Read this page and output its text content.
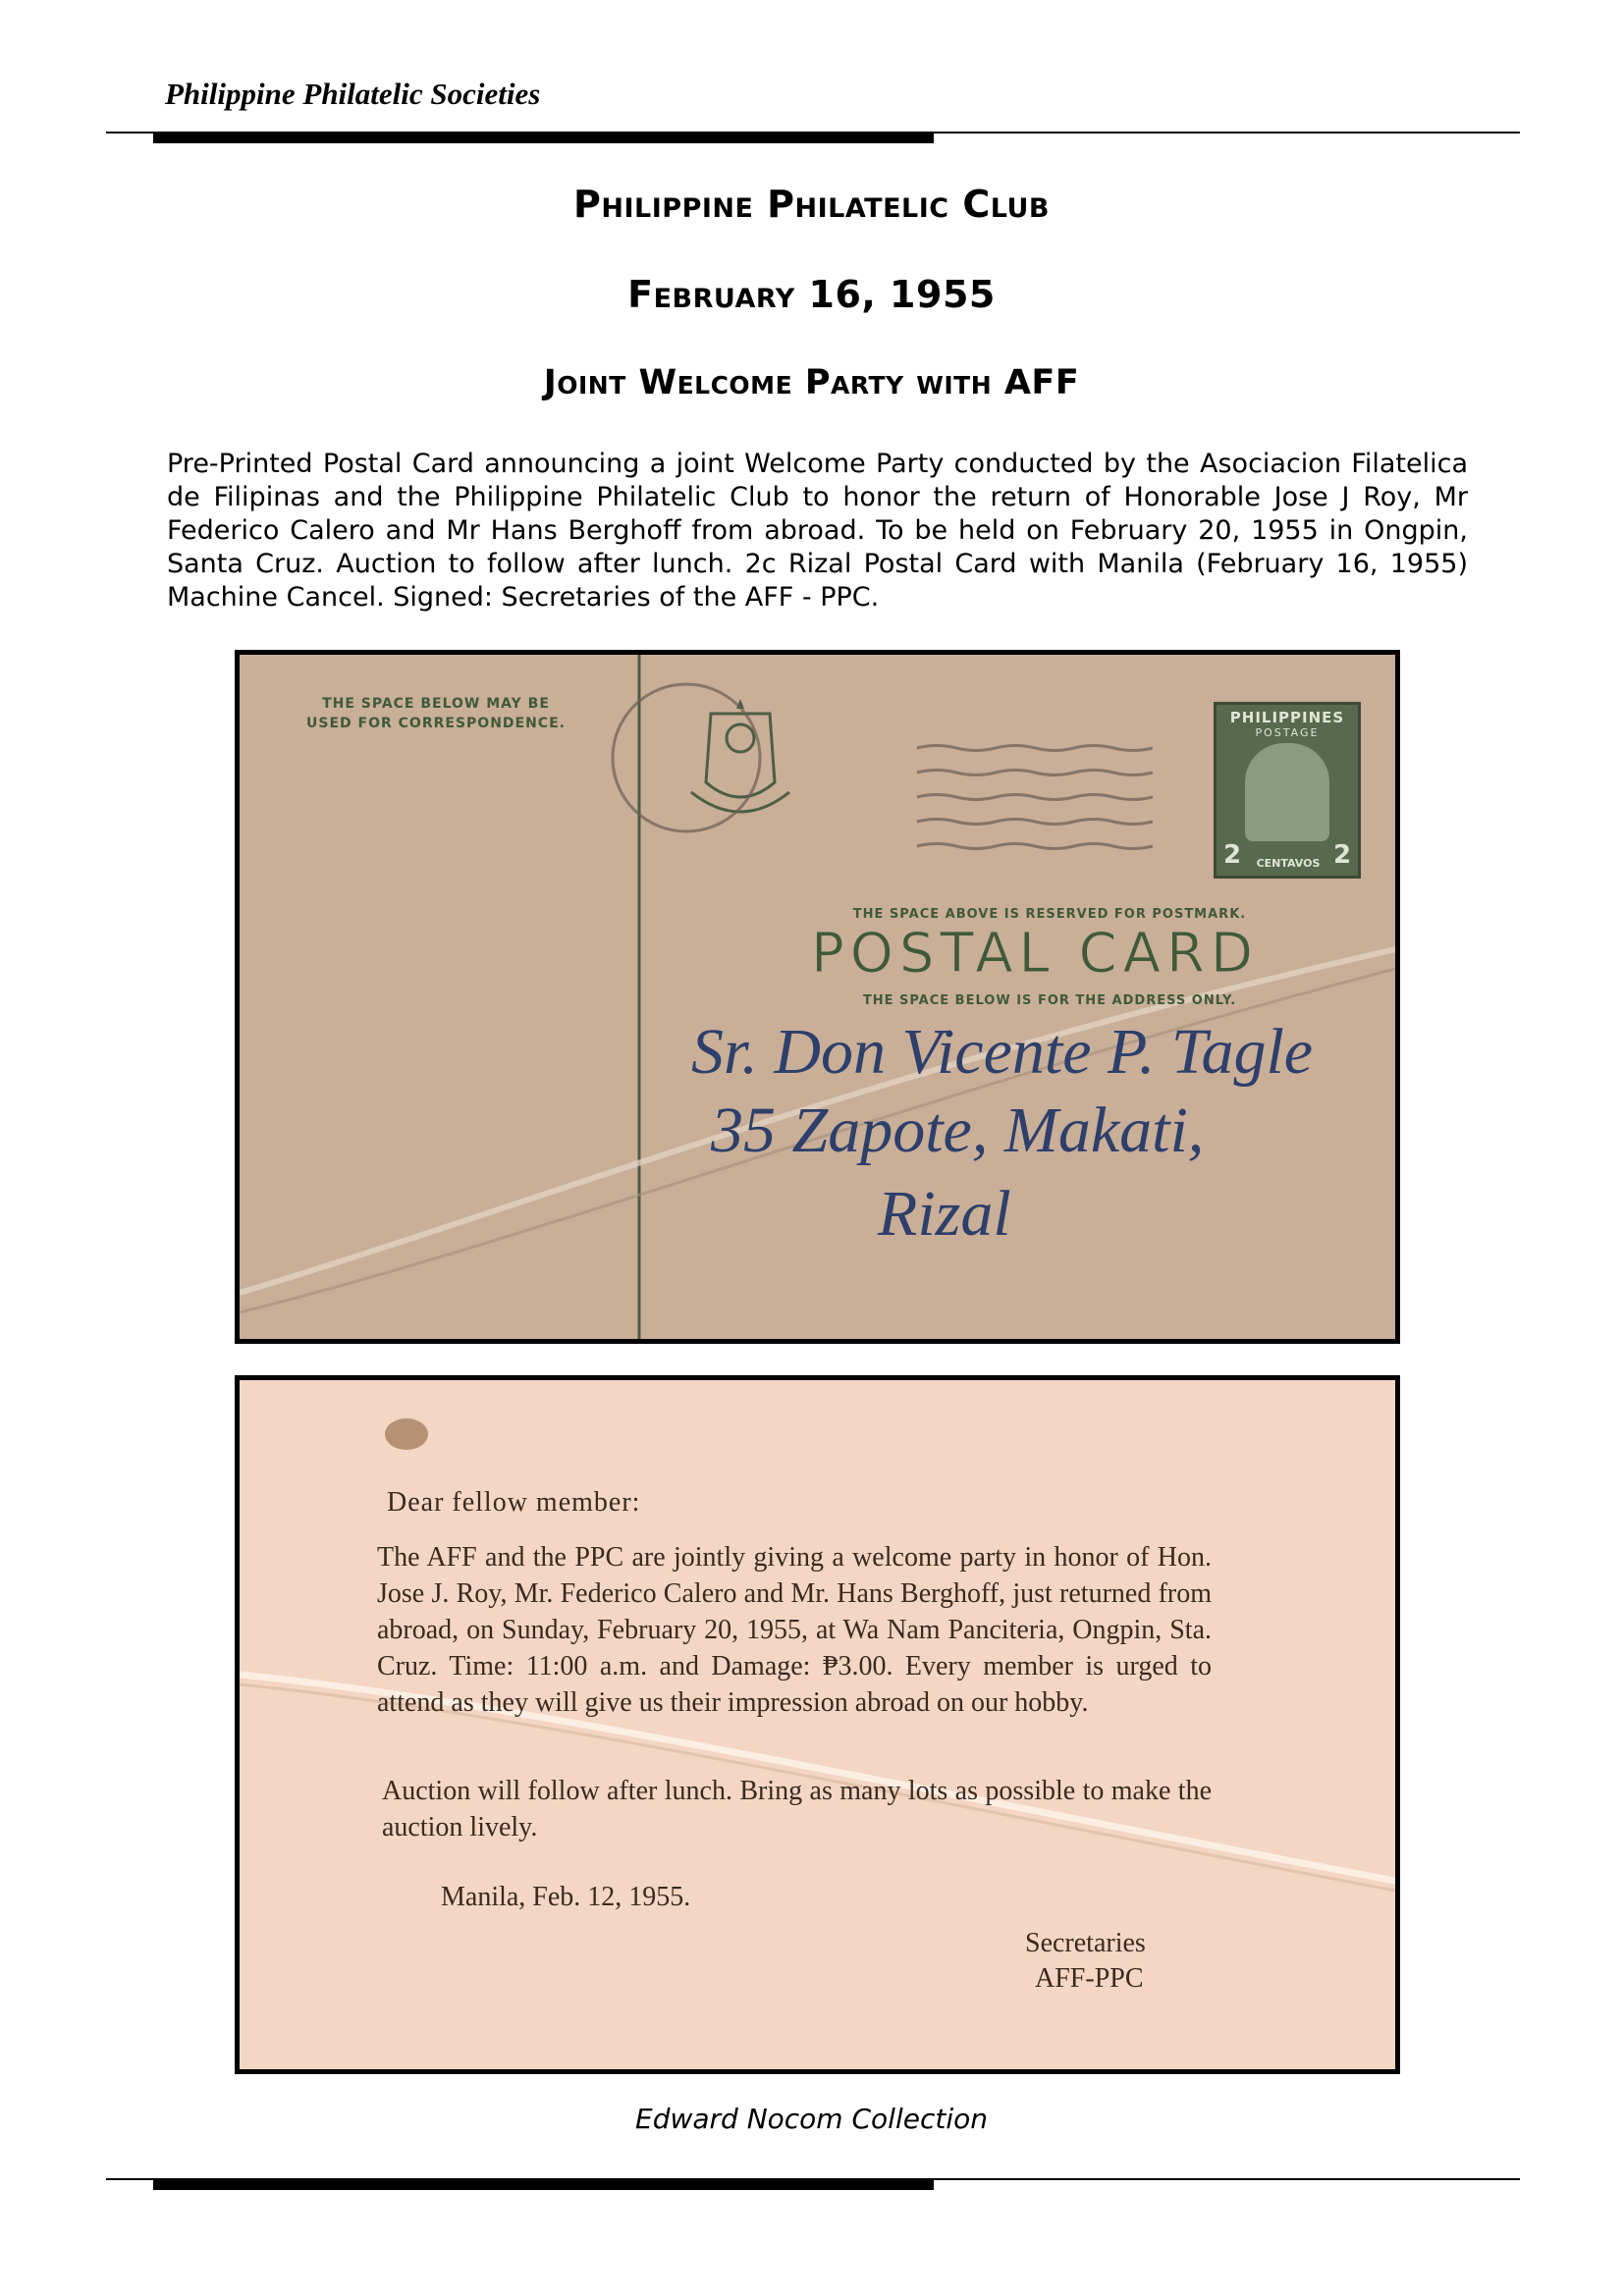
Philippine Philatelic Societies
Philippine Philatelic Club
February 16, 1955
Joint Welcome Party with AFF
Pre-Printed Postal Card announcing a joint Welcome Party conducted by the Asociacion Filatelica de Filipinas and the Philippine Philatelic Club to honor the return of Honorable Jose J Roy, Mr Federico Calero and Mr Hans Berghoff from abroad. To be held on February 20, 1955 in Ongpin, Santa Cruz. Auction to follow after lunch. 2c Rizal Postal Card with Manila (February 16, 1955) Machine Cancel. Signed: Secretaries of the AFF - PPC.
THE SPACE BELOW MAY BE USED FOR CORRESPONDENCE.	PHILIPPINES
POSTAGE
2	CENTAVOS 2
THE SPACE ABOVE IS RESERVED FOR POSTMARK.
POSTAL CARD
THE SPACE BELOW IS FOR THE ADDRESS ONLY.
Sr. Don Vicente P. Tagle
35 Zapote, Makati,
Rizal
Dear fellow member:
The AFF and the PPC are jointly giving a welcome party in honor of Hon. Jose J. Roy, Mr. Federico Calero and Mr. Hans Berghoff, just returned from abroad, on Sunday, February 20, 1955, at Wa Nam Panciteria, Ongpin, Sta. Cruz. Time: 11:00 a.m. and Damage: ₱3.00. Every member is urged to attend as they will give us their impression abroad on our hobby.
Auction will follow after lunch. Bring as many lots as possible to make the auction lively.
Manila, Feb. 12, 1955.
Secretaries
AFF-PPC
Edward Nocom Collection
